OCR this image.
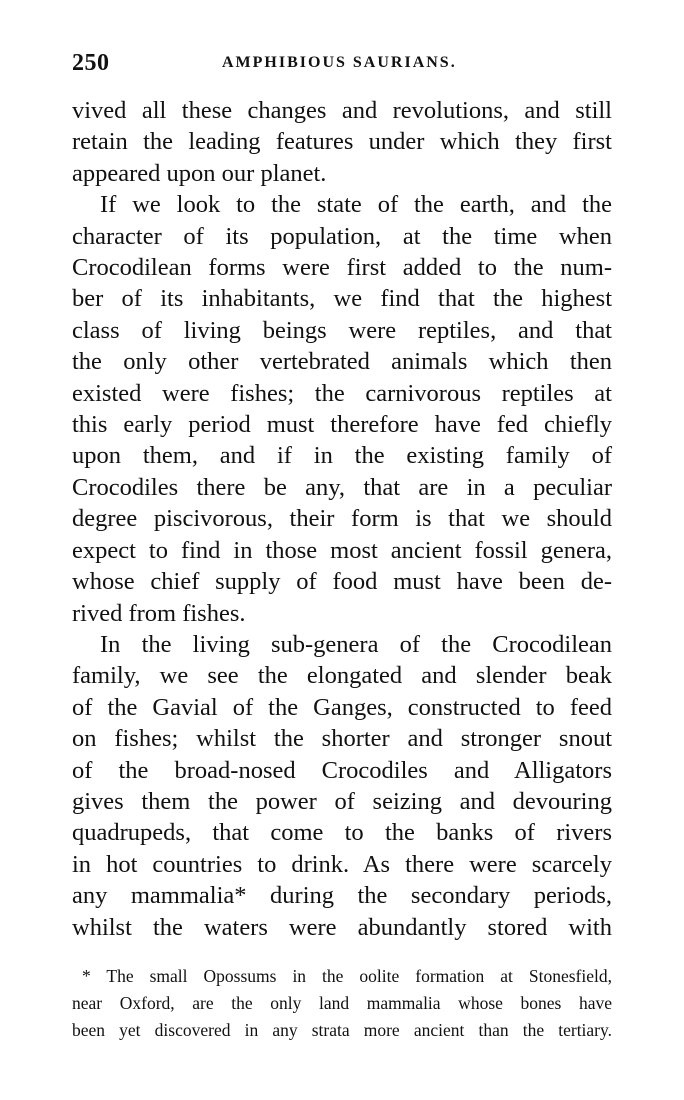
250	AMPHIBIOUS SAURIANS.
vived all these changes and revolutions, and still
retain the leading features under which they first
appeared upon our planet.
If we look to the state of the earth, and the
character of its population, at the time when
Crocodilean forms were first added to the num-
ber of its inhabitants, we find that the highest
class of living beings were reptiles, and that
the only other vertebrated animals which then
existed were fishes; the carnivorous reptiles at
this early period must therefore have fed chiefly
upon them, and if in the existing family of
Crocodiles there be any, that are in a peculiar
degree piscivorous, their form is that we should
expect to find in those most ancient fossil genera,
whose chief supply of food must have been de-
rived from fishes.
In the living sub-genera of the Crocodilean
family, we see the elongated and slender beak
of the Gavial of the Ganges, constructed to feed
on fishes; whilst the shorter and stronger snout
of the broad-nosed Crocodiles and Alligators
gives them the power of seizing and devouring
quadrupeds, that come to the banks of rivers
in hot countries to drink. As there were scarcely
any mammalia* during the secondary periods,
whilst the waters were abundantly stored with
* The small Opossums in the oolite formation at Stonesfield,
near Oxford, are the only land mammalia whose bones have
been yet discovered in any strata more ancient than the tertiary.
